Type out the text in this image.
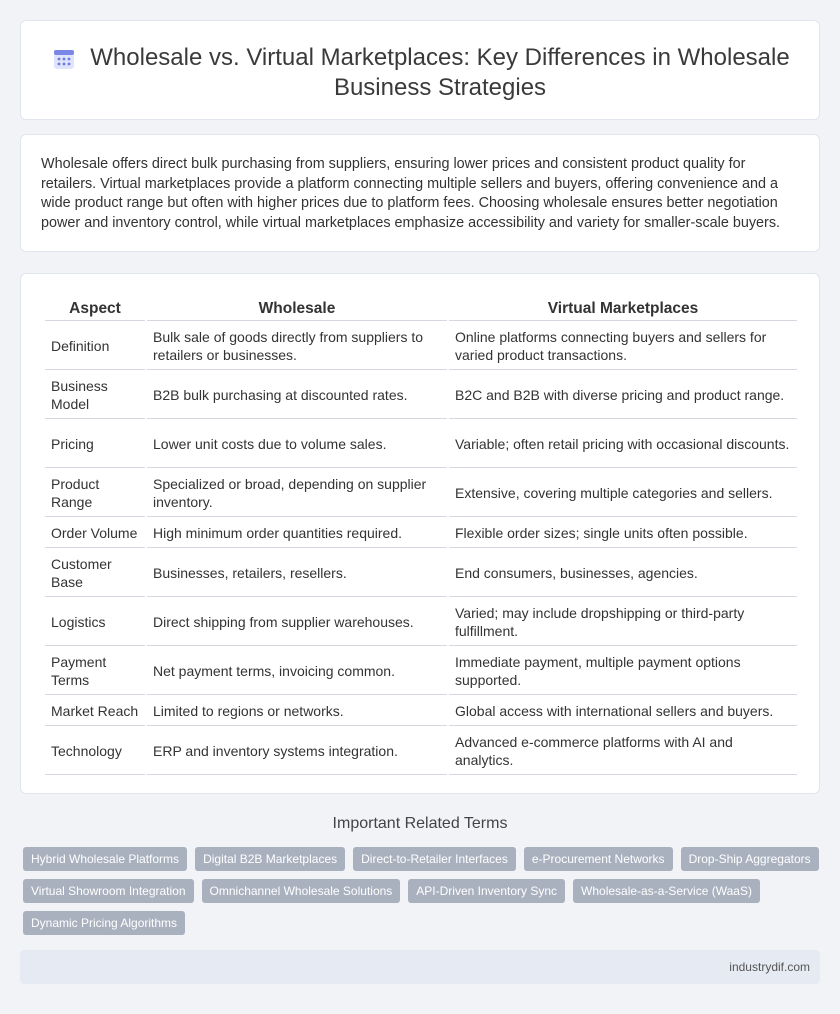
Wholesale vs. Virtual Marketplaces: Key Differences in Wholesale Business Strategies

Wholesale offers direct bulk purchasing from suppliers, ensuring lower prices and consistent product quality for retailers. Virtual marketplaces provide a platform connecting multiple sellers and buyers, offering convenience and a wide product range but often with higher prices due to platform fees. Choosing wholesale ensures better negotiation power and inventory control, while virtual marketplaces emphasize accessibility and variety for smaller-scale buyers.

Aspect	Wholesale	Virtual Marketplaces
Definition	Bulk sale of goods directly from suppliers to retailers or businesses.	Online platforms connecting buyers and sellers for varied product transactions.
Business Model	B2B bulk purchasing at discounted rates.	B2C and B2B with diverse pricing and product range.
Pricing	Lower unit costs due to volume sales.	Variable; often retail pricing with occasional discounts.
Product Range	Specialized or broad, depending on supplier inventory.	Extensive, covering multiple categories and sellers.
Order Volume	High minimum order quantities required.	Flexible order sizes; single units often possible.
Customer Base	Businesses, retailers, resellers.	End consumers, businesses, agencies.
Logistics	Direct shipping from supplier warehouses.	Varied; may include dropshipping or third-party fulfillment.
Payment Terms	Net payment terms, invoicing common.	Immediate payment, multiple payment options supported.
Market Reach	Limited to regions or networks.	Global access with international sellers and buyers.
Technology	ERP and inventory systems integration.	Advanced e-commerce platforms with AI and analytics.
Important Related Terms
Hybrid Wholesale Platforms	Digital B2B Marketplaces	Direct-to-Retailer Interfaces	e-Procurement Networks	Drop-Ship Aggregators
Virtual Showroom Integration	Omnichannel Wholesale Solutions	API-Driven Inventory Sync	Wholesale-as-a-Service (WaaS)
Dynamic Pricing Algorithms
industrydif.com
